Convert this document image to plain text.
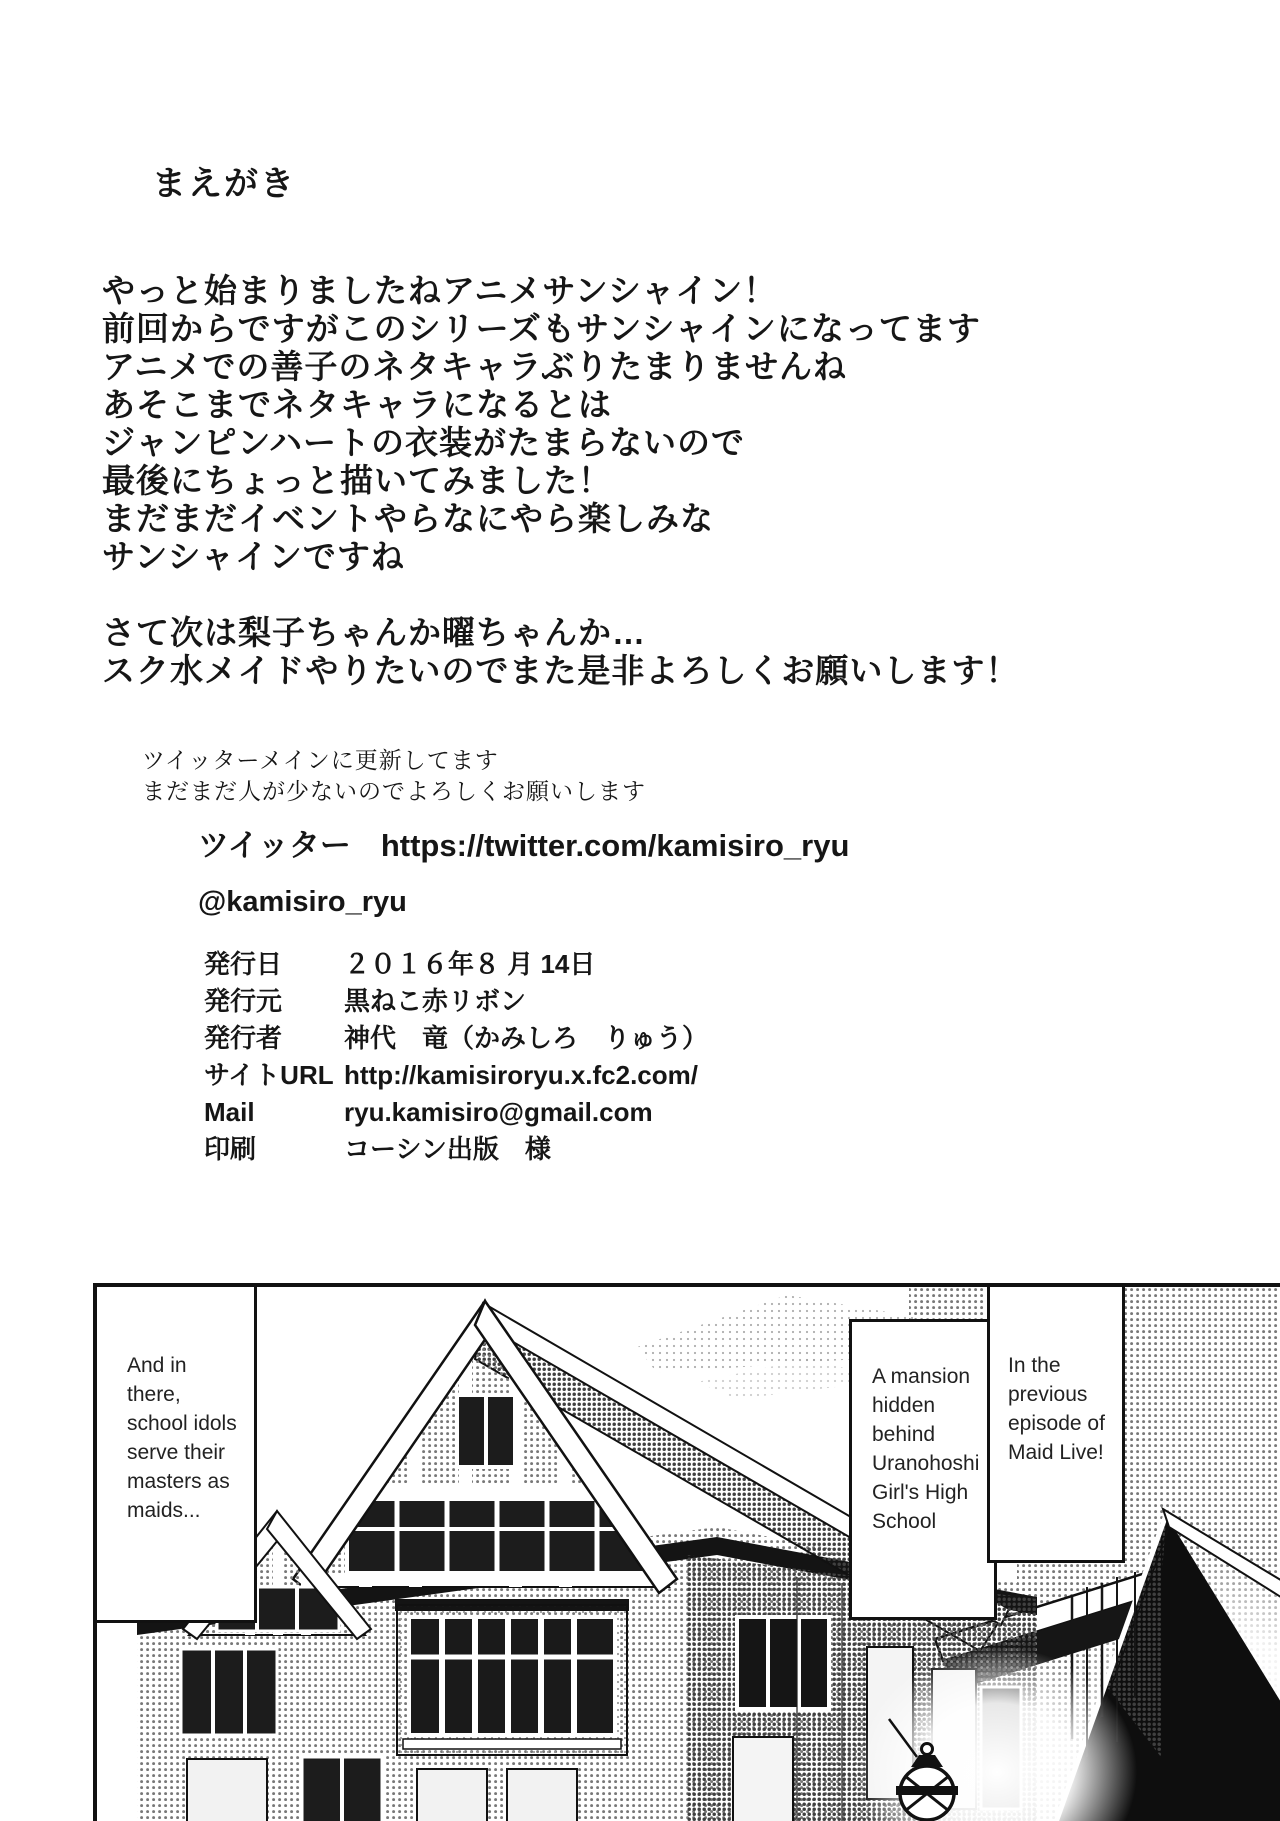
まえがき
やっと始まりましたねアニメサンシャイン！
前回からですがこのシリーズもサンシャインになってます
アニメでの善子のネタキャラぶりたまりませんね
あそこまでネタキャラになるとは
ジャンピンハートの衣装がたまらないので
最後にちょっと描いてみました！
まだまだイベントやらなにやら楽しみな
サンシャインですね
さて次は梨子ちゃんか曜ちゃんか…
スク水メイドやりたいのでまた是非よろしくお願いします！
ツイッターメインに更新してます
まだまだ人が少ないのでよろしくお願いします
ツイッター https://twitter.com/kamisiro_ryu
@kamisiro_ryu
発行日 ２０１６年８ 月 14日
発行元 黒ねこ赤リボン
発行者 神代　竜（かみしろ　りゅう）
サイトURL http://kamisiroryu.x.fc2.com/
Mail	ryu.kamisiro@gmail.com
印刷	コーシン出版　様
And in there, school idols serve their masters as maids...
A mansion hidden behind Uranohoshi Girl's High School
In the previous episode of Maid Live!
